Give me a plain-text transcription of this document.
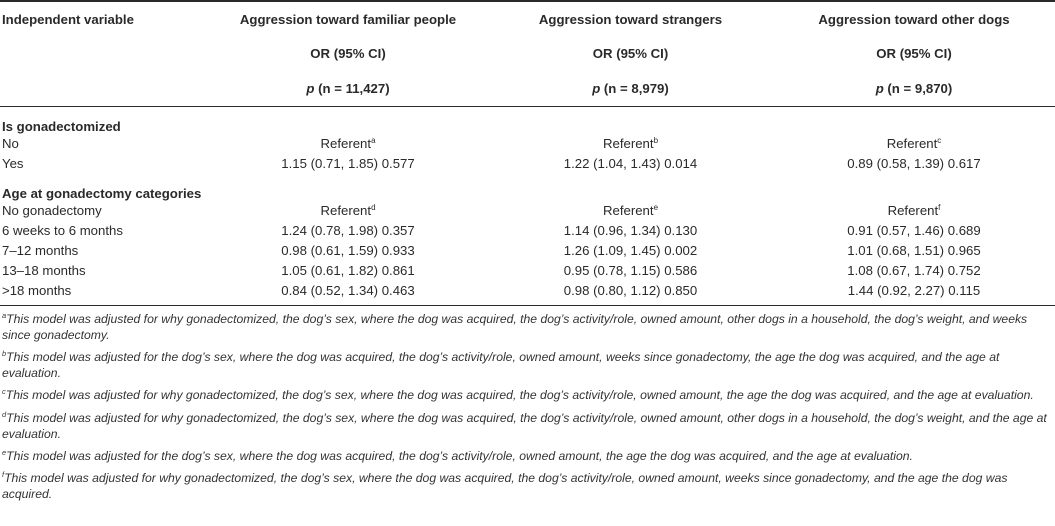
Independent variable	Aggression toward familiar people	Aggression toward strangers	Aggression toward other dogs
	OR (95% CI)	OR (95% CI)	OR (95% CI)
	p (n = 11,427)	p (n = 8,979)	p (n = 9,870)

Is gonadectomized			
No	Referent$^a$	Referent$^b$	Referent$^c$
Yes	1.15 (0.71, 1.85) 0.577	1.22 (1.04, 1.43) 0.014	0.89 (0.58, 1.39) 0.617
Age at gonadectomy categories			
No gonadectomy	Referent$^d$	Referent$^e$	Referent$^f$
6 weeks to 6 months	1.24 (0.78, 1.98) 0.357	1.14 (0.96, 1.34) 0.130	0.91 (0.57, 1.46) 0.689
7–12 months	0.98 (0.61, 1.59) 0.933	1.26 (1.09, 1.45) 0.002	1.01 (0.68, 1.51) 0.965
13–18 months	1.05 (0.61, 1.82) 0.861	0.95 (0.78, 1.15) 0.586	1.08 (0.67, 1.74) 0.752
>18 months	0.84 (0.52, 1.34) 0.463	0.98 (0.80, 1.12) 0.850	1.44 (0.92, 2.27) 0.115
$^a$This model was adjusted for why gonadectomized, the dog’s sex, where the dog was acquired, the dog’s activity/role, owned amount, other dogs in a household, the dog’s weight, and weeks since gonadectomy.
$^b$This model was adjusted for the dog’s sex, where the dog was acquired, the dog’s activity/role, owned amount, weeks since gonadectomy, the age the dog was acquired, and the age at evaluation.
$^c$This model was adjusted for why gonadectomized, the dog’s sex, where the dog was acquired, the dog’s activity/role, owned amount, the age the dog was acquired, and the age at evaluation.
$^d$This model was adjusted for why gonadectomized, the dog’s sex, where the dog was acquired, the dog’s activity/role, owned amount, other dogs in a household, the dog’s weight, and the age at evaluation.
$^e$This model was adjusted for the dog’s sex, where the dog was acquired, the dog’s activity/role, owned amount, the age the dog was acquired, and the age at evaluation.
$^f$This model was adjusted for why gonadectomized, the dog’s sex, where the dog was acquired, the dog’s activity/role, owned amount, weeks since gonadectomy, and the age the dog was acquired.
